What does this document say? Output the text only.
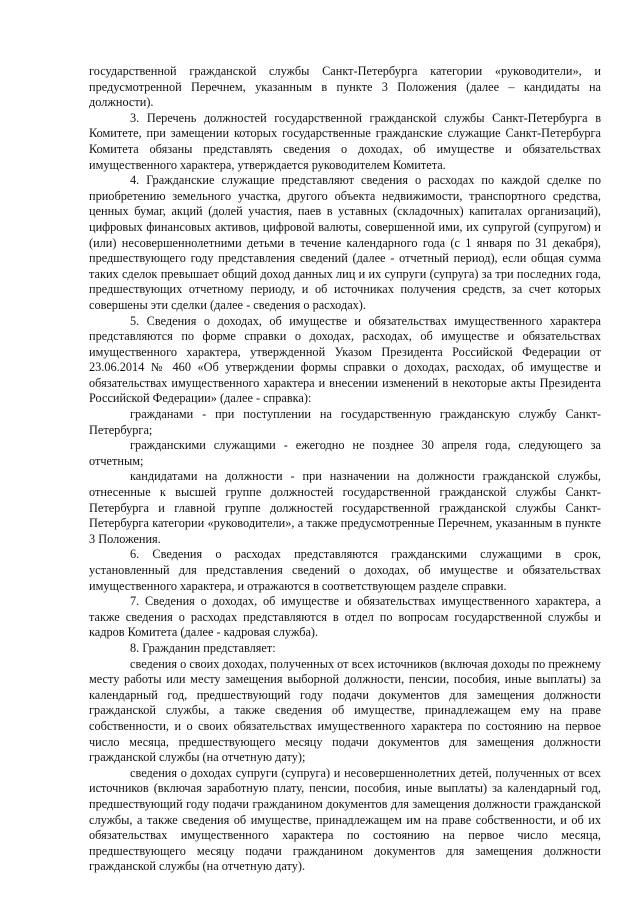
государственной гражданской службы Санкт-Петербурга категории «руководители», и предусмотренной Перечнем, указанным в пункте 3 Положения (далее – кандидаты на должности).

3. Перечень должностей государственной гражданской службы Санкт-Петербурга в Комитете, при замещении которых государственные гражданские служащие Санкт-Петербурга Комитета обязаны представлять сведения о доходах, об имуществе и обязательствах имущественного характера, утверждается руководителем Комитета.

4. Гражданские служащие представляют сведения о расходах по каждой сделке по приобретению земельного участка, другого объекта недвижимости, транспортного средства, ценных бумаг, акций (долей участия, паев в уставных (складочных) капиталах организаций), цифровых финансовых активов, цифровой валюты, совершенной ими, их супругой (супругом) и (или) несовершеннолетними детьми в течение календарного года (с 1 января по 31 декабря), предшествующего году представления сведений (далее - отчетный период), если общая сумма таких сделок превышает общий доход данных лиц и их супруги (супруга) за три последних года, предшествующих отчетному периоду, и об источниках получения средств, за счет которых совершены эти сделки (далее - сведения о расходах).

5. Сведения о доходах, об имуществе и обязательствах имущественного характера представляются по форме справки о доходах, расходах, об имуществе и обязательствах имущественного характера, утвержденной Указом Президента Российской Федерации от 23.06.2014 № 460 «Об утверждении формы справки о доходах, расходах, об имуществе и обязательствах имущественного характера и внесении изменений в некоторые акты Президента Российской Федерации» (далее - справка):

гражданами - при поступлении на государственную гражданскую службу Санкт-Петербурга;

гражданскими служащими - ежегодно не позднее 30 апреля года, следующего за отчетным;

кандидатами на должности - при назначении на должности гражданской службы, отнесенные к высшей группе должностей государственной гражданской службы Санкт-Петербурга и главной группе должностей государственной гражданской службы Санкт-Петербурга категории «руководители», а также предусмотренные Перечнем, указанным в пункте 3 Положения.

6. Сведения о расходах представляются гражданскими служащими в срок, установленный для представления сведений о доходах, об имуществе и обязательствах имущественного характера, и отражаются в соответствующем разделе справки.

7. Сведения о доходах, об имуществе и обязательствах имущественного характера, а также сведения о расходах представляются в отдел по вопросам государственной службы и кадров Комитета (далее - кадровая служба).

8. Гражданин представляет:

сведения о своих доходах, полученных от всех источников (включая доходы по прежнему месту работы или месту замещения выборной должности, пенсии, пособия, иные выплаты) за календарный год, предшествующий году подачи документов для замещения должности гражданской службы, а также сведения об имуществе, принадлежащем ему на праве собственности, и о своих обязательствах имущественного характера по состоянию на первое число месяца, предшествующего месяцу подачи документов для замещения должности гражданской службы (на отчетную дату);

сведения о доходах супруги (супруга) и несовершеннолетних детей, полученных от всех источников (включая заработную плату, пенсии, пособия, иные выплаты) за календарный год, предшествующий году подачи гражданином документов для замещения должности гражданской службы, а также сведения об имуществе, принадлежащем им на праве собственности, и об их обязательствах имущественного характера по состоянию на первое число месяца, предшествующего месяцу подачи гражданином документов для замещения должности гражданской службы (на отчетную дату).
